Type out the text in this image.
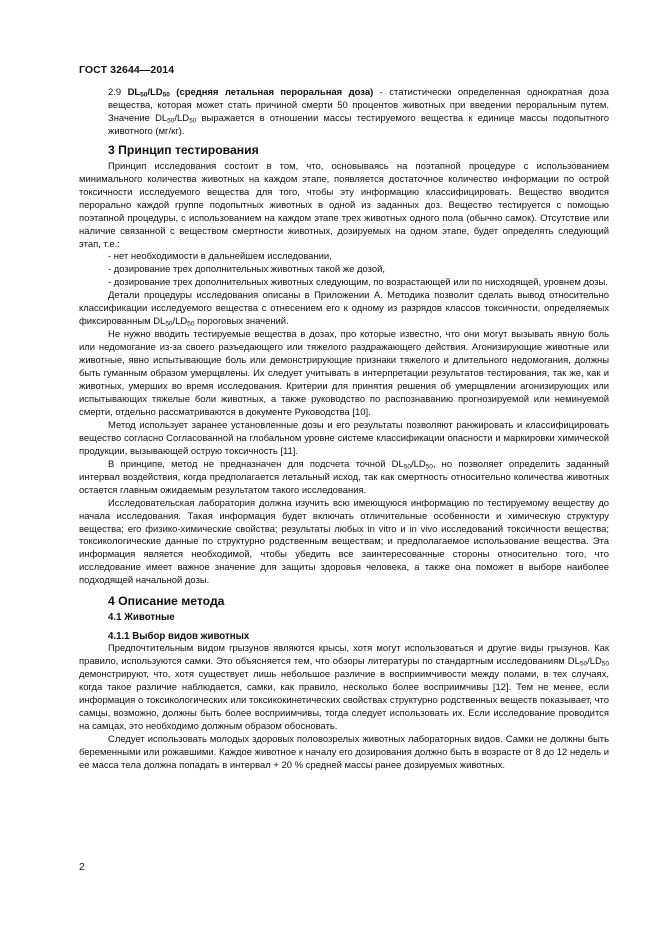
ГОСТ 32644—2014

2.9 $DL_{50}/LD_{50}$ (средняя летальная пероральная доза) - статистически определенная однократная доза вещества, которая может стать причиной смерти 50 процентов животных при введении пероральным путем. Значение $DL_{50}/LD_{50}$ выражается в отношении массы тестируемого вещества к единице массы подопытного животного (мг/кг).

3 Принцип тестирования

Принцип исследования состоит в том, что, основываясь на поэтапной процедуре с использованием минимального количества животных на каждом этапе, появляется достаточное количество информации по острой токсичности исследуемого вещества для того, чтобы эту информацию классифицировать. Вещество вводится перорально каждой группе подопытных животных в одной из заданных доз. Вещество тестируется с помощью поэтапной процедуры, с использованием на каждом этапе трех животных одного пола (обычно самок). Отсутствие или наличие связанной с веществом смертности животных, дозируемых на одном этапе, будет определять следующий этап, т.е.:

- нет необходимости в дальнейшем исследовании,

- дозирование трех дополнительных животных такой же дозой,

- дозирование трех дополнительных животных следующим, по возрастающей или по нисходящей, уровнем дозы.

Детали процедуры исследования описаны в Приложении А. Методика позволит сделать вывод относительно классификации исследуемого вещества с отнесением его к одному из разрядов классов токсичности, определяемых фиксированным $DL_{50}/LD_{50}$ пороговых значений.

Не нужно вводить тестируемые вещества в дозах, про которые известно, что они могут вызывать явную боль или недомогание из-за своего разъедающего или тяжелого раздражающего действия. Агонизирующие животные или животные, явно испытывающие боль или демонстрирующие признаки тяжелого и длительного недомогания, должны быть гуманным образом умерщвлены. Их следует учитывать в интерпретации результатов тестирования, так же, как и животных, умерших во время исследования. Критерии для принятия решения об умерщвлении агонизирующих или испытывающих тяжелые боли животных, а также руководство по распознаванию прогнозируемой или неминуемой смерти, отдельно рассматриваются в документе Руководства [10].

Метод использует заранее установленные дозы и его результаты позволяют ранжировать и классифицировать вещество согласно Согласованной на глобальном уровне системе классификации опасности и маркировки химической продукции, вызывающей острую токсичность [11].

В принципе, метод не предназначен для подсчета точной $DL_{50}/LD_{50}$, но позволяет определить заданный интервал воздействия, когда предполагается летальный исход, так как смертность относительно количества животных остается главным ожидаемым результатом такого исследования.

Исследовательская лаборатория должна изучить всю имеющуюся информацию по тестируемому веществу до начала исследования. Такая информация будет включать отличительные особенности и химическую структуру вещества; его физико-химические свойства; результаты любых in vitro и in vivo исследований токсичности вещества; токсикологические данные по структурно родственным веществам; и предполагаемое использование вещества. Эта информация является необходимой, чтобы убедить все заинтересованные стороны относительно того, что исследование имеет важное значение для защиты здоровья человека, а также она поможет в выборе наиболее подходящей начальной дозы.

4 Описание метода
4.1 Животные
4.1.1 Выбор видов животных

Предпочтительным видом грызунов являются крысы, хотя могут использоваться и другие виды грызунов. Как правило, используются самки. Это объясняется тем, что обзоры литературы по стандартным исследованиям $DL_{50}/LD_{50}$ демонстрируют, что, хотя существует лишь небольшое различие в восприимчивости между полами, в тех случаях, когда такое различие наблюдается, самки, как правило, несколько более восприимчивы [12]. Тем не менее, если информация о токсикологических или токсикокинетических свойствах структурно родственных веществ показывает, что самцы, возможно, должны быть более восприимчивы, тогда следует использовать их. Если исследование проводится на самцах, это необходимо должным образом обосновать.

Следует использовать молодых здоровых половозрелых животных лабораторных видов. Самки не должны быть беременными или рожавшими. Каждое животное к началу его дозирования должно быть в возрасте от 8 до 12 недель и ее масса тела должна попадать в интервал + 20 % средней массы ранее дозируемых животных.

2
